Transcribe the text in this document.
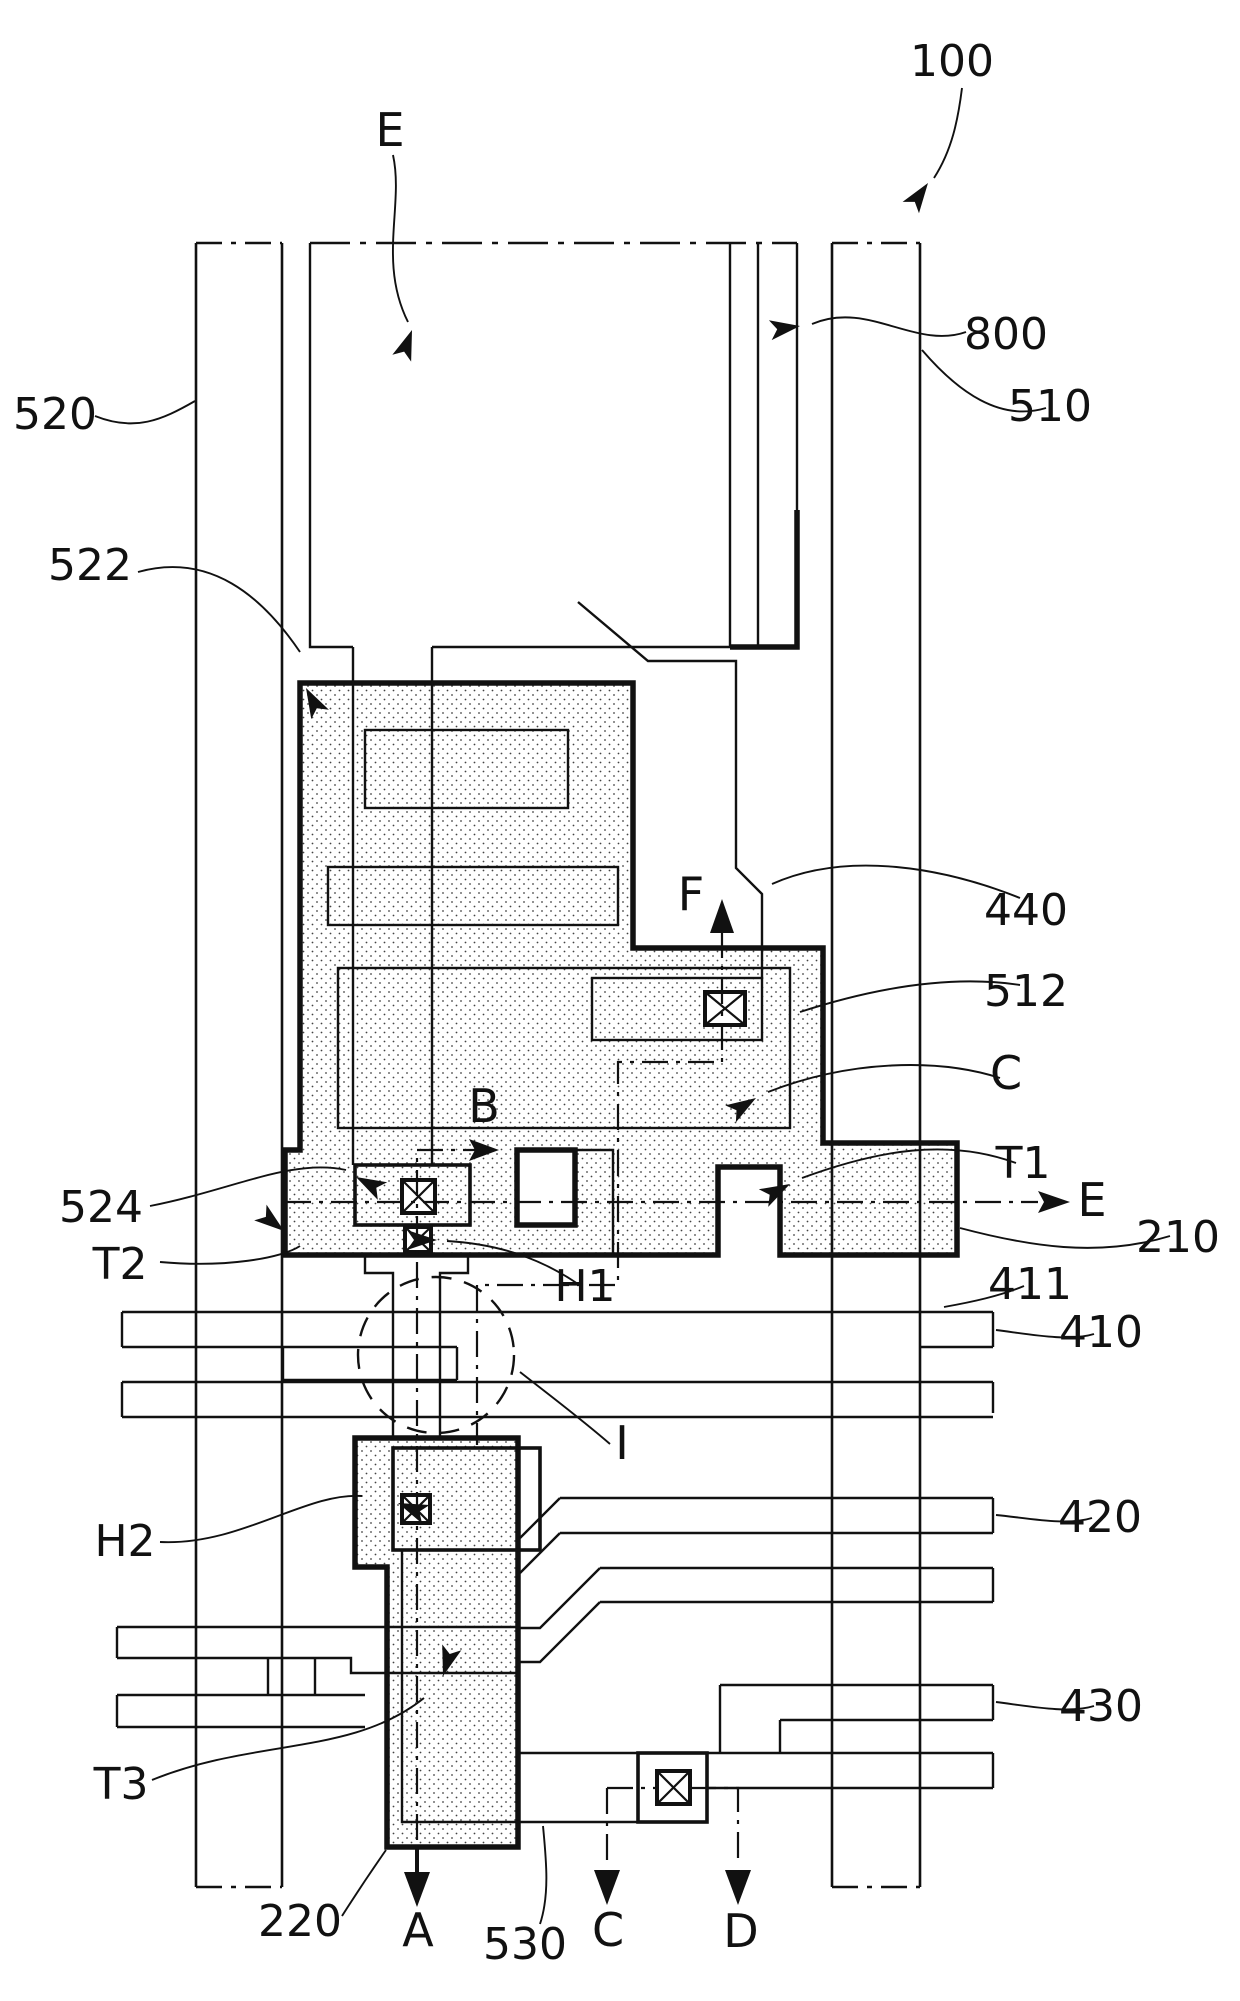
100
E
800
510
520
522
440
512
C
T1
E
210
411
410
420
430
524
T2	H1
I
H2
T3
220 A 530 C D
B
F
